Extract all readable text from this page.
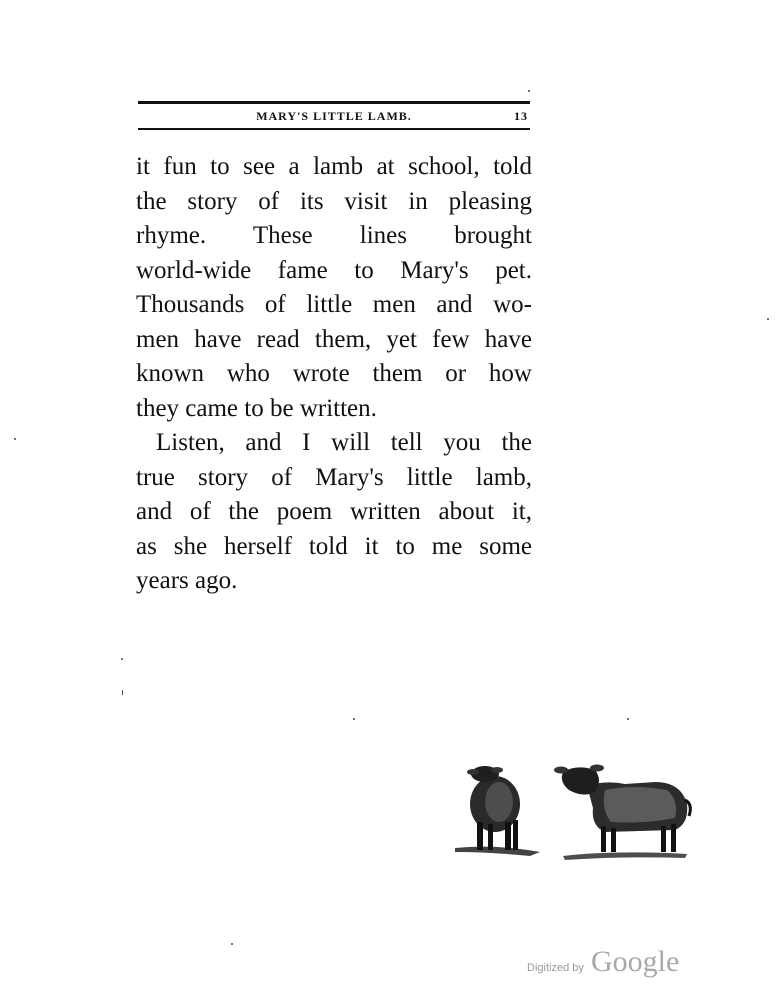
MARY'S LITTLE LAMB.	13
it fun to see a lamb at school, told
the story of its visit in pleasing
rhyme. These lines brought
world-wide fame to Mary's pet.
Thousands of little men and wo-
men have read them, yet few have
known who wrote them or how
they came to be written.
Listen, and I will tell you the
true story of Mary's little lamb,
and of the poem written about it,
as she herself told it to me some
years ago.
Digitized by Google
